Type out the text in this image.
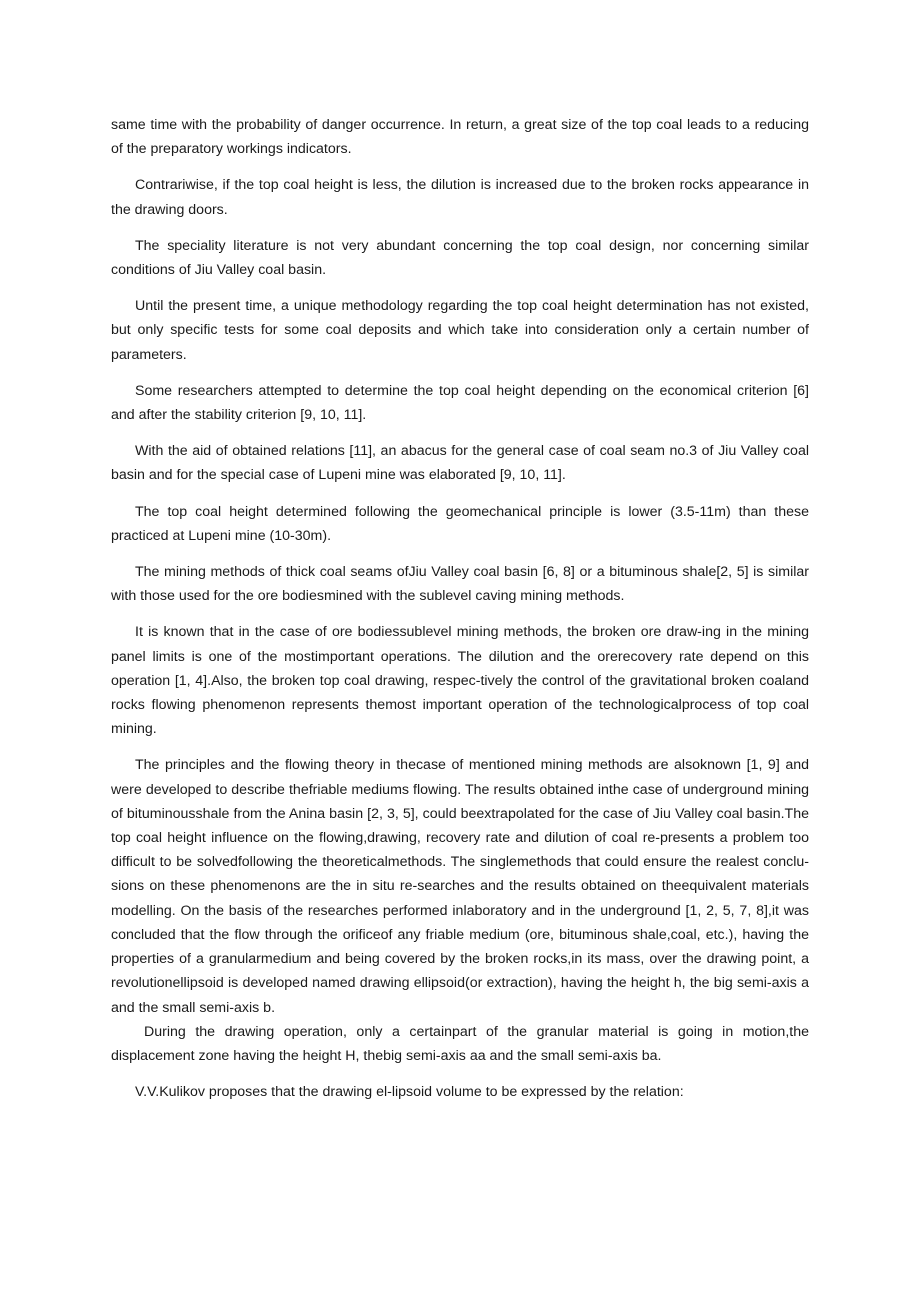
same time with the probability of danger occurrence. In return, a great size of the top coal leads to a reducing of the preparatory workings indicators.

Contrariwise, if the top coal height is less, the dilution is increased due to the broken rocks appearance in the drawing doors.

The speciality literature is not very abundant concerning the top coal design, nor concerning similar conditions of Jiu Valley coal basin.

Until the present time, a unique methodology regarding the top coal height determination has not existed, but only specific tests for some coal deposits and which take into consideration only a certain number of parameters.

Some researchers attempted to determine the top coal height depending on the economical criterion [6] and after the stability criterion [9, 10, 11].

With the aid of obtained relations [11], an abacus for the general case of coal seam no.3 of Jiu Valley coal basin and for the special case of Lupeni mine was elaborated [9, 10, 11].

The top coal height determined following the geomechanical principle is lower (3.5-11m) than these practiced at Lupeni mine (10-30m).

The mining methods of thick coal seams ofJiu Valley coal basin [6, 8] or a bituminous shale[2, 5] is similar with those used for the ore bodiesmined with the sublevel caving mining methods.

It is known that in the case of ore bodiessublevel mining methods, the broken ore draw-ing in the mining panel limits is one of the mostimportant operations. The dilution and the orerecovery rate depend on this operation [1, 4].Also, the broken top coal drawing, respec-tively the control of the gravitational broken coaland rocks flowing phenomenon represents themost important operation of the technologicalprocess of top coal mining.

The principles and the flowing theory in thecase of mentioned mining methods are alsoknown [1, 9] and were developed to describe thefriable mediums flowing. The results obtained inthe case of underground mining of bituminousshale from the Anina basin [2, 3, 5], could beextrapolated for the case of Jiu Valley coal basin.The top coal height influence on the flowing,drawing, recovery rate and dilution of coal re-presents a problem too difficult to be solvedfollowing the theoreticalmethods. The singlemethods that could ensure the realest conclu-sions on these phenomenons are the in situ re-searches and the results obtained on theequivalent materials modelling. On the basis of the researches performed inlaboratory and in the underground [1, 2, 5, 7, 8],it was concluded that the flow through the orificeof any friable medium (ore, bituminous shale,coal, etc.), having the properties of a granularmedium and being covered by the broken rocks,in its mass, over the drawing point, a revolutionellipsoid is developed named drawing ellipsoid(or extraction), having the height h, the big semi-axis a and the small semi-axis b.

During the drawing operation, only a certainpart of the granular material is going in motion,the displacement zone having the height H, thebig semi-axis aa and the small semi-axis ba.

V.V.Kulikov proposes that the drawing el-lipsoid volume to be expressed by the relation:
